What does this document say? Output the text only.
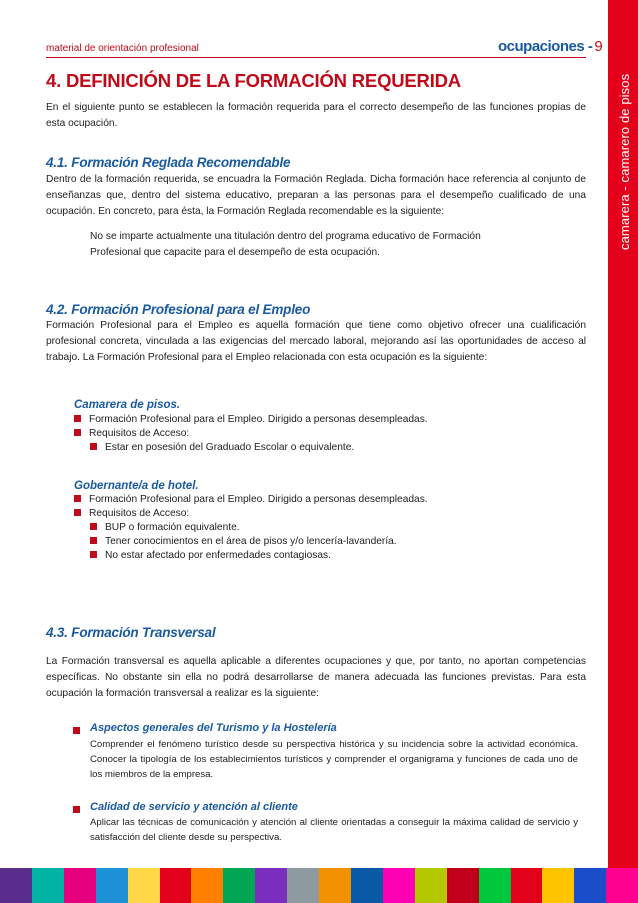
material de orientación profesional	ocupaciones - 9
4. DEFINICIÓN DE LA FORMACIÓN REQUERIDA
En el siguiente punto se establecen la formación requerida para el correcto desempeño de las funciones propias de esta ocupación.
4.1. Formación Reglada Recomendable
Dentro de la formación requerida, se encuadra la Formación Reglada. Dicha formación hace referencia al conjunto de enseñanzas que, dentro del sistema educativo, preparan a las personas para el desempeño cualificado de una ocupación. En concreto, para ésta, la Formación Reglada recomendable es la siguiente:
No se imparte actualmente una titulación dentro del programa educativo de Formación Profesional que capacite para el desempeño de esta ocupación.
4.2. Formación Profesional para el Empleo
Formación Profesional para el Empleo es aquella formación que tiene como objetivo ofrecer una cualificación profesional concreta, vinculada a las exigencias del mercado laboral, mejorando así las oportunidades de acceso al trabajo. La Formación Profesional para el Empleo relacionada con esta ocupación es la siguiente:
Camarera de pisos.
Formación Profesional para el Empleo. Dirigido a personas desempleadas.
Requisitos de Acceso:
Estar en posesión del Graduado Escolar o equivalente.
Gobernante/a de hotel.
Formación Profesional para el Empleo. Dirigido a personas desempleadas.
Requisitos de Acceso:
BUP o formación equivalente.
Tener conocimientos en el área de pisos y/o lencería-lavandería.
No estar afectado por enfermedades contagiosas.
4.3. Formación Transversal
La Formación transversal es aquella aplicable a diferentes ocupaciones y que, por tanto, no aportan competencias específicas. No obstante sin ella no podrá desarrollarse de manera adecuada las funciones previstas. Para esta ocupación la formación transversal a realizar es la siguiente:
Aspectos generales del Turismo y la Hostelería
Comprender el fenómeno turístico desde su perspectiva histórica y su incidencia sobre la actividad económica. Conocer la tipología de los establecimientos turísticos y comprender el organigrama y funciones de cada uno de los miembros de la empresa.
Calidad de servicio y atención al cliente
Aplicar las técnicas de comunicación y atención al cliente orientadas a conseguir la máxima calidad de servicio y satisfacción del cliente desde su perspectiva.
